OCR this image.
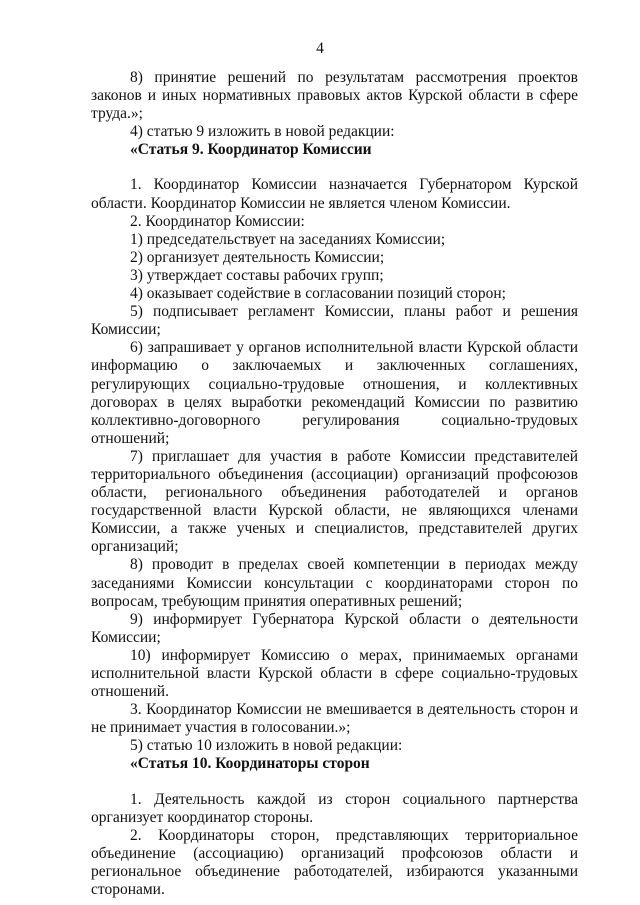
4

8) принятие решений по результатам рассмотрения проектов законов и иных нормативных правовых актов Курской области в сфере труда.»;

4) статью 9 изложить в новой редакции:

«Статья 9. Координатор Комиссии

1. Координатор Комиссии назначается Губернатором Курской области. Координатор Комиссии не является членом Комиссии.

2. Координатор Комиссии:

1) председательствует на заседаниях Комиссии;

2) организует деятельность Комиссии;

3) утверждает составы рабочих групп;

4) оказывает содействие в согласовании позиций сторон;

5) подписывает регламент Комиссии, планы работ и решения Комиссии;

6) запрашивает у органов исполнительной власти Курской области информацию о заключаемых и заключенных соглашениях, регулирующих социально-трудовые отношения, и коллективных договорах в целях выработки рекомендаций Комиссии по развитию коллективно-договорного регулирования социально-трудовых отношений;

7) приглашает для участия в работе Комиссии представителей территориального объединения (ассоциации) организаций профсоюзов области, регионального объединения работодателей и органов государственной власти Курской области, не являющихся членами Комиссии, а также ученых и специалистов, представителей других организаций;

8) проводит в пределах своей компетенции в периодах между заседаниями Комиссии консультации с координаторами сторон по вопросам, требующим принятия оперативных решений;

9) информирует Губернатора Курской области о деятельности Комиссии;

10) информирует Комиссию о мерах, принимаемых органами исполнительной власти Курской области в сфере социально-трудовых отношений.

3. Координатор Комиссии не вмешивается в деятельность сторон и не принимает участия в голосовании.»;

5) статью 10 изложить в новой редакции:

«Статья 10. Координаторы сторон

1. Деятельность каждой из сторон социального партнерства организует координатор стороны.

2. Координаторы сторон, представляющих территориальное объединение (ассоциацию) организаций профсоюзов области и региональное объединение работодателей, избираются указанными сторонами.
